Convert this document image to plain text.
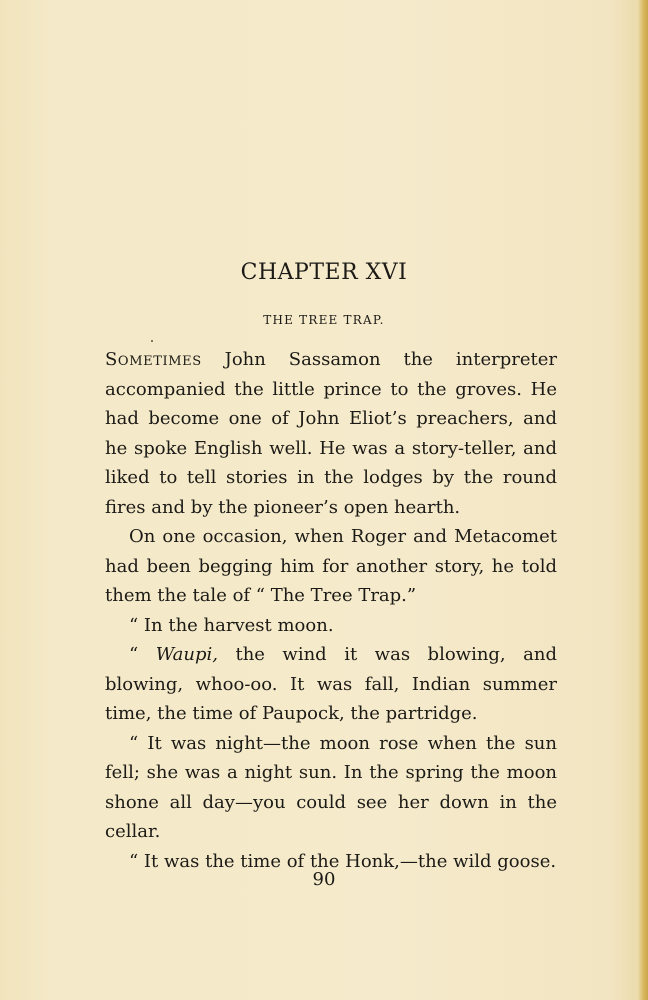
CHAPTER XVI
THE TREE TRAP.

Sometimes John Sassamon the interpreter accompanied the little prince to the groves. He had become one of John Eliot’s preachers, and he spoke English well. He was a story-teller, and liked to tell stories in the lodges by the round fires and by the pioneer’s open hearth.

On one occasion, when Roger and Metacomet had been begging him for another story, he told them the tale of “ The Tree Trap.”

“ In the harvest moon.

“ Waupi, the wind it was blowing, and blowing, whoo-oo. It was fall, Indian summer time, the time of Paupock, the partridge.

“ It was night—the moon rose when the sun fell; she was a night sun. In the spring the moon shone all day—you could see her down in the cellar.

“ It was the time of the Honk,—the wild goose.

90
